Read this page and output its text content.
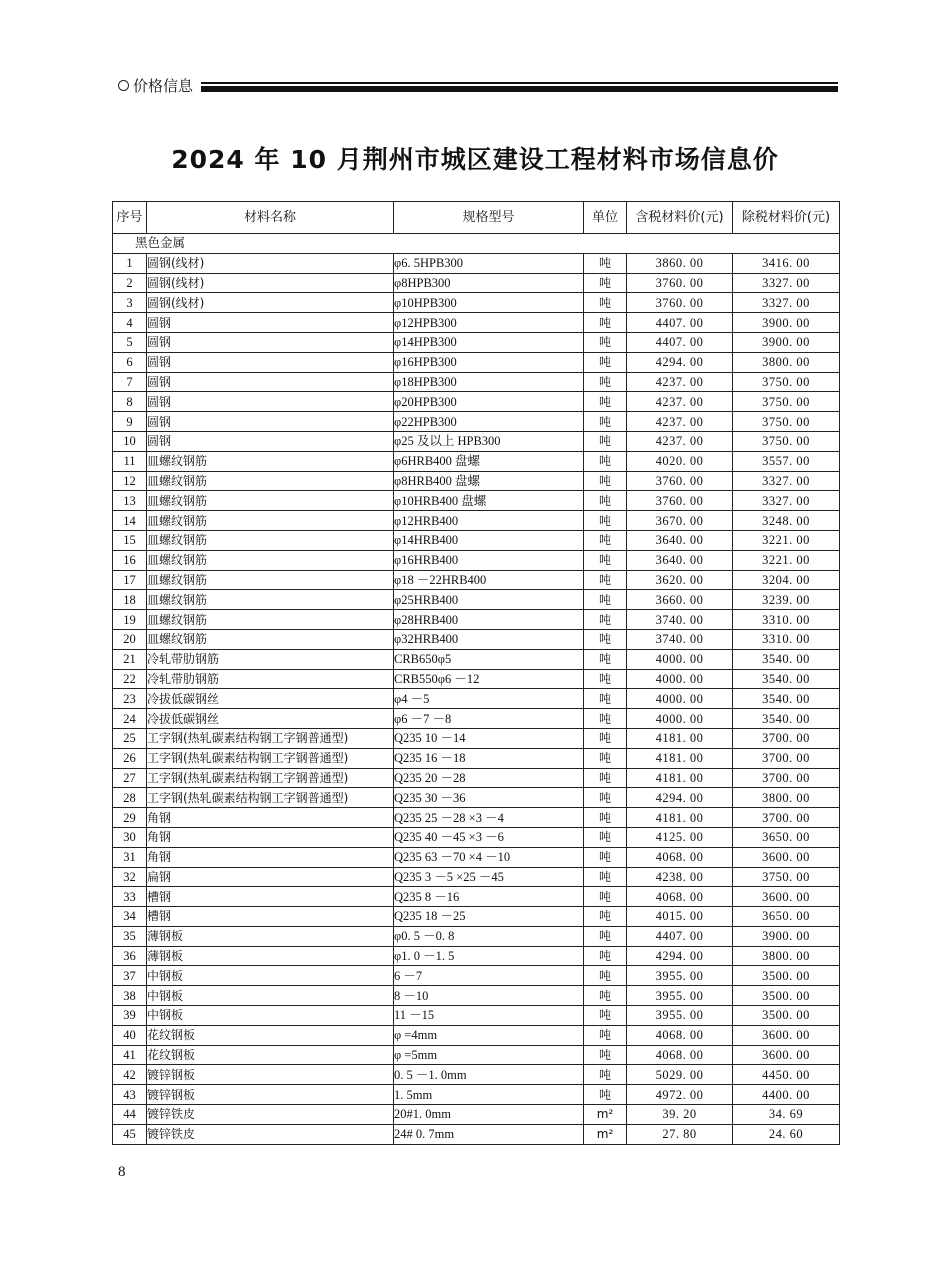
价格信息
2024 年 10 月荆州市城区建设工程材料市场信息价
序号	材料名称	规格型号	单位	含税材料价(元)	除税材料价(元)
黑色金属					
1	圆钢(线材)	φ6. 5HPB300	吨	3860. 00	3416. 00
2	圆钢(线材)	φ8HPB300	吨	3760. 00	3327. 00
3	圆钢(线材)	φ10HPB300	吨	3760. 00	3327. 00
4	圆钢	φ12HPB300	吨	4407. 00	3900. 00
5	圆钢	φ14HPB300	吨	4407. 00	3900. 00
6	圆钢	φ16HPB300	吨	4294. 00	3800. 00
7	圆钢	φ18HPB300	吨	4237. 00	3750. 00
8	圆钢	φ20HPB300	吨	4237. 00	3750. 00
9	圆钢	φ22HPB300	吨	4237. 00	3750. 00
10	圆钢	φ25 及以上 HPB300	吨	4237. 00	3750. 00
11	皿螺纹钢筋	φ6HRB400 盘螺	吨	4020. 00	3557. 00
12	皿螺纹钢筋	φ8HRB400 盘螺	吨	3760. 00	3327. 00
13	皿螺纹钢筋	φ10HRB400 盘螺	吨	3760. 00	3327. 00
14	皿螺纹钢筋	φ12HRB400	吨	3670. 00	3248. 00
15	皿螺纹钢筋	φ14HRB400	吨	3640. 00	3221. 00
16	皿螺纹钢筋	φ16HRB400	吨	3640. 00	3221. 00
17	皿螺纹钢筋	φ18 －22HRB400	吨	3620. 00	3204. 00
18	皿螺纹钢筋	φ25HRB400	吨	3660. 00	3239. 00
19	皿螺纹钢筋	φ28HRB400	吨	3740. 00	3310. 00
20	皿螺纹钢筋	φ32HRB400	吨	3740. 00	3310. 00
21	冷轧带肋钢筋	CRB650φ5	吨	4000. 00	3540. 00
22	冷轧带肋钢筋	CRB550φ6 －12	吨	4000. 00	3540. 00
23	冷拔低碳钢丝	φ4 －5	吨	4000. 00	3540. 00
24	冷拔低碳钢丝	φ6 －7 －8	吨	4000. 00	3540. 00
25	工字钢(热轧碳素结构钢工字钢普通型)	Q235 10 －14	吨	4181. 00	3700. 00
26	工字钢(热轧碳素结构钢工字钢普通型)	Q235 16 －18	吨	4181. 00	3700. 00
27	工字钢(热轧碳素结构钢工字钢普通型)	Q235 20 －28	吨	4181. 00	3700. 00
28	工字钢(热轧碳素结构钢工字钢普通型)	Q235 30 －36	吨	4294. 00	3800. 00
29	角钢	Q235 25 －28 ×3 －4	吨	4181. 00	3700. 00
30	角钢	Q235 40 －45 ×3 －6	吨	4125. 00	3650. 00
31	角钢	Q235 63 －70 ×4 －10	吨	4068. 00	3600. 00
32	扁钢	Q235 3 －5 ×25 －45	吨	4238. 00	3750. 00
33	槽钢	Q235 8 －16	吨	4068. 00	3600. 00
34	槽钢	Q235 18 －25	吨	4015. 00	3650. 00
35	薄钢板	φ0. 5 －0. 8	吨	4407. 00	3900. 00
36	薄钢板	φ1. 0 －1. 5	吨	4294. 00	3800. 00
37	中钢板	6 －7	吨	3955. 00	3500. 00
38	中钢板	8 －10	吨	3955. 00	3500. 00
39	中钢板	11 －15	吨	3955. 00	3500. 00
40	花纹钢板	φ =4mm	吨	4068. 00	3600. 00
41	花纹钢板	φ =5mm	吨	4068. 00	3600. 00
42	镀锌钢板	0. 5 －1. 0mm	吨	5029. 00	4450. 00
43	镀锌钢板	1. 5mm	吨	4972. 00	4400. 00
44	镀锌铁皮	20#1. 0mm	m²	39. 20	34. 69
45	镀锌铁皮	24# 0. 7mm	m²	27. 80	24. 60
8
